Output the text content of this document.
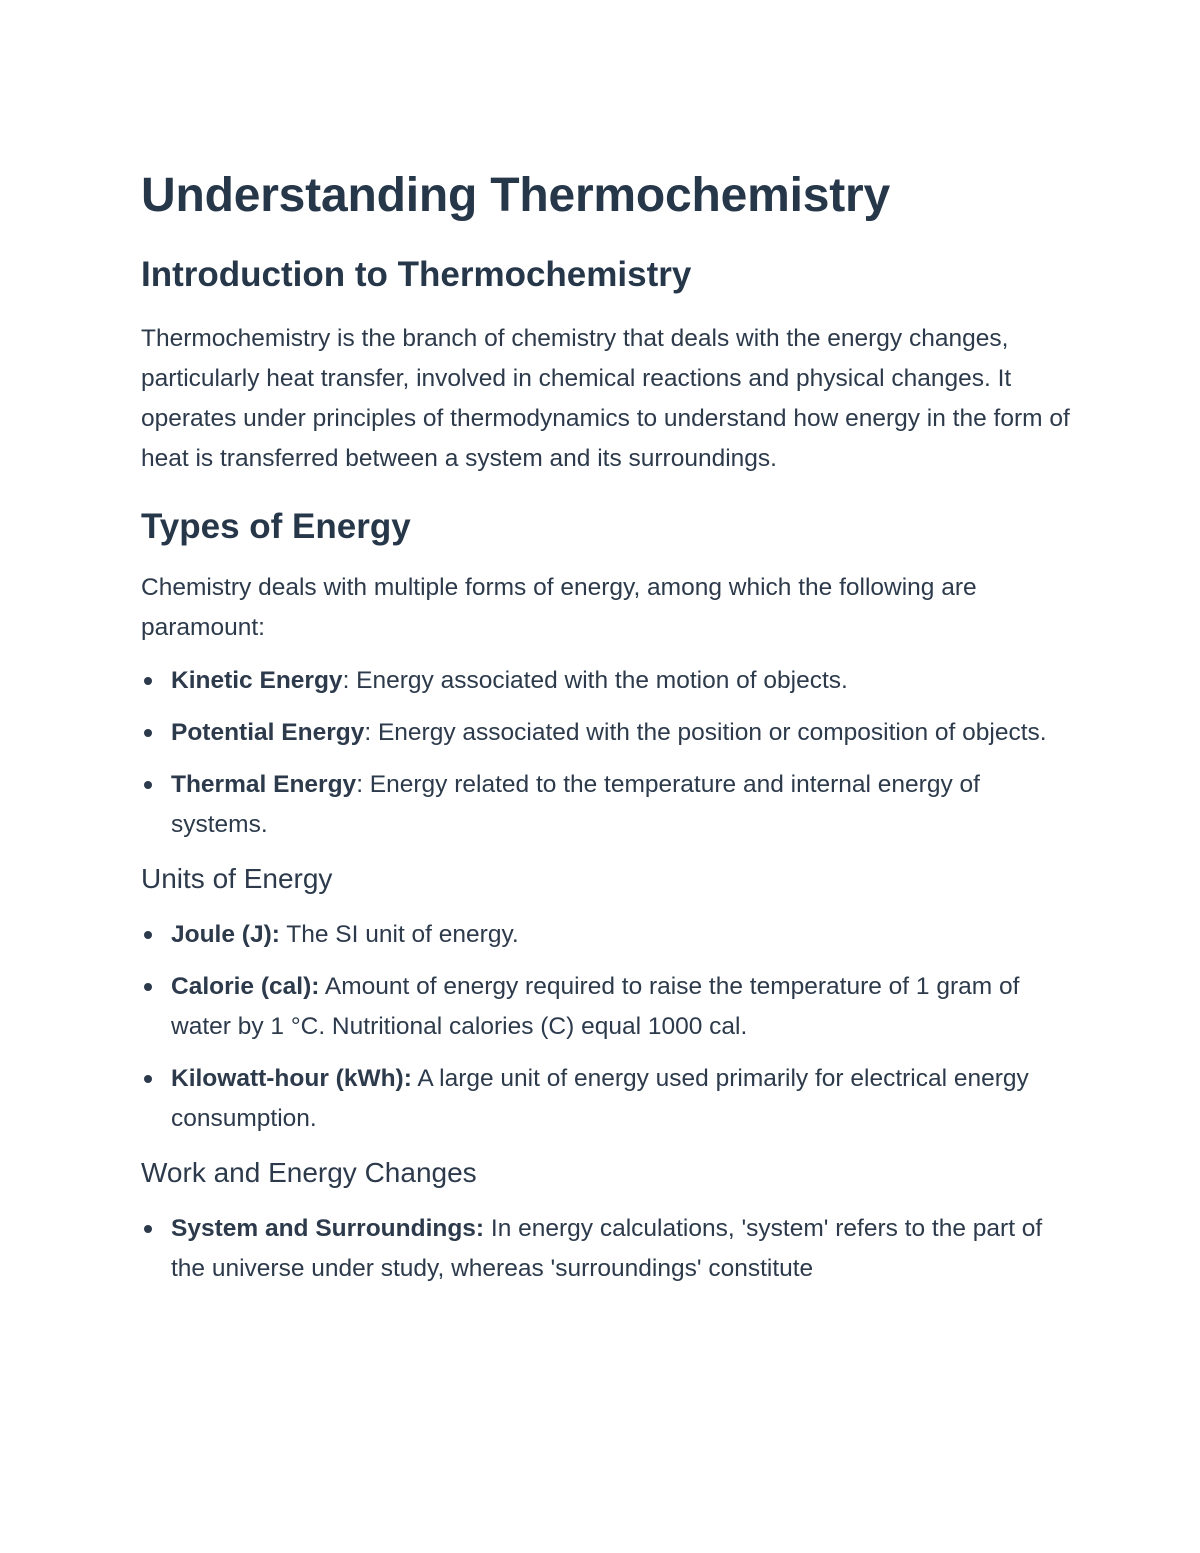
Understanding Thermochemistry
Introduction to Thermochemistry

Thermochemistry is the branch of chemistry that deals with the energy changes, particularly heat transfer, involved in chemical reactions and physical changes. It operates under principles of thermodynamics to understand how energy in the form of heat is transferred between a system and its surroundings.

Types of Energy

Chemistry deals with multiple forms of energy, among which the following are paramount:

Kinetic Energy: Energy associated with the motion of objects.
Potential Energy: Energy associated with the position or composition of objects.
Thermal Energy: Energy related to the temperature and internal energy of systems.
Units of Energy
Joule (J): The SI unit of energy.
Calorie (cal): Amount of energy required to raise the temperature of 1 gram of water by 1 °C. Nutritional calories (C) equal 1000 cal.
Kilowatt-hour (kWh): A large unit of energy used primarily for electrical energy consumption.
Work and Energy Changes
System and Surroundings: In energy calculations, 'system' refers to the part of the universe under study, whereas 'surroundings' constitute
